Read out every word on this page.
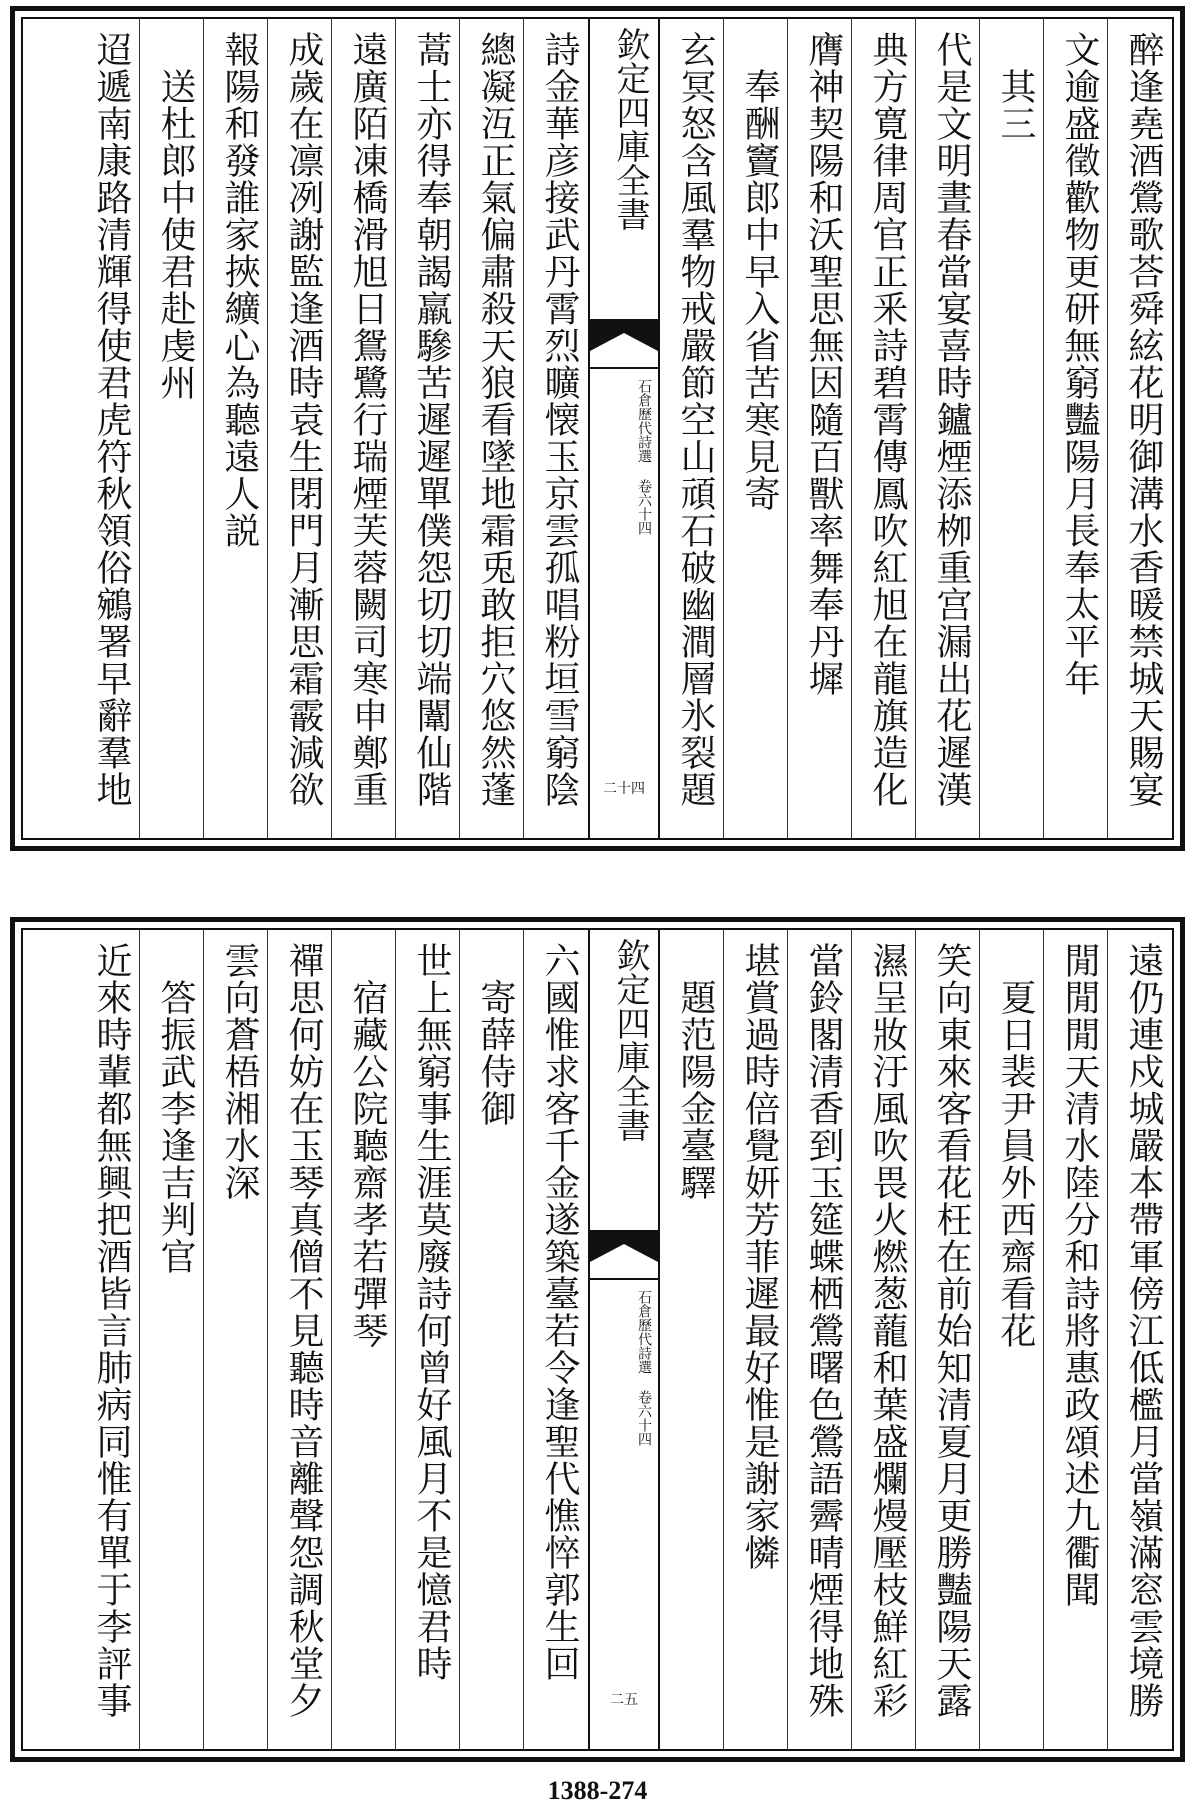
醉逢堯酒鶯歌荅舜絃花明御溝水香暖禁城天賜宴
文逾盛徵歡物更研無窮豔陽月長奉太平年
　其三
代是文明晝春當宴喜時鑪煙添栁重宫漏出花遲漢
典方寛律周官正釆詩碧霄傳鳳吹紅旭在龍旗造化
膺神契陽和沃聖思無因隨百獸率舞奉丹墀
　奉酬竇郎中早入省苦寒見寄
玄冥怒含風羣物戒嚴節空山頑石破幽澗層氷裂題
欽定四庫全書
石倉歷代詩選 卷六十四
二十四
詩金華彦接武丹霄烈曠懐玉京雲孤唱粉垣雪窮陰
總凝沍正氣偏肅殺天狼看墜地霜兎敢拒穴悠然蓬
蒿士亦得奉朝謁羸驂苦遲遲單僕怨切切端闈仙階
遠廣陌凍橋滑旭日鴛鷺行瑞煙芙蓉闕司寒申鄭重
成歲在凛冽謝監逢酒時袁生閉門月漸思霜霰減欲
報陽和發誰家挾纊心為聽遠人説
　送杜郎中使君赴虔州
迢遞南康路清輝得使君虎符秋領俗鵷署早辭羣地
遠仍連戍城嚴本帶軍傍江低檻月當嶺滿窓雲境勝
閒閒閒天清水陸分和詩將惠政頌述九衢聞
　夏日裴尹員外西齋看花
笑向東來客看花枉在前始知清夏月更勝豔陽天露
濕呈妝汙風吹畏火燃葱蘢和葉盛爛熳壓枝鮮紅彩
當鈴閣清香到玉筵蝶栖鶯曙色鶯語霽晴煙得地殊
堪賞過時倍覺妍芳菲遲最好惟是謝家憐
　題范陽金臺驛
欽定四庫全書
石倉歷代詩選 卷六十四
二五
六國惟求客千金遂築臺若令逢聖代憔悴郭生回
　寄薛侍御
世上無窮事生涯莫廢詩何曾好風月不是憶君時
　宿藏公院聽齋孝若彈琴
禪思何妨在玉琴真僧不見聽時音離聲怨調秋堂夕
雲向蒼梧湘水深
　答振武李逢吉判官
近來時輩都無興把酒皆言肺病同惟有單于李評事
1388-274
